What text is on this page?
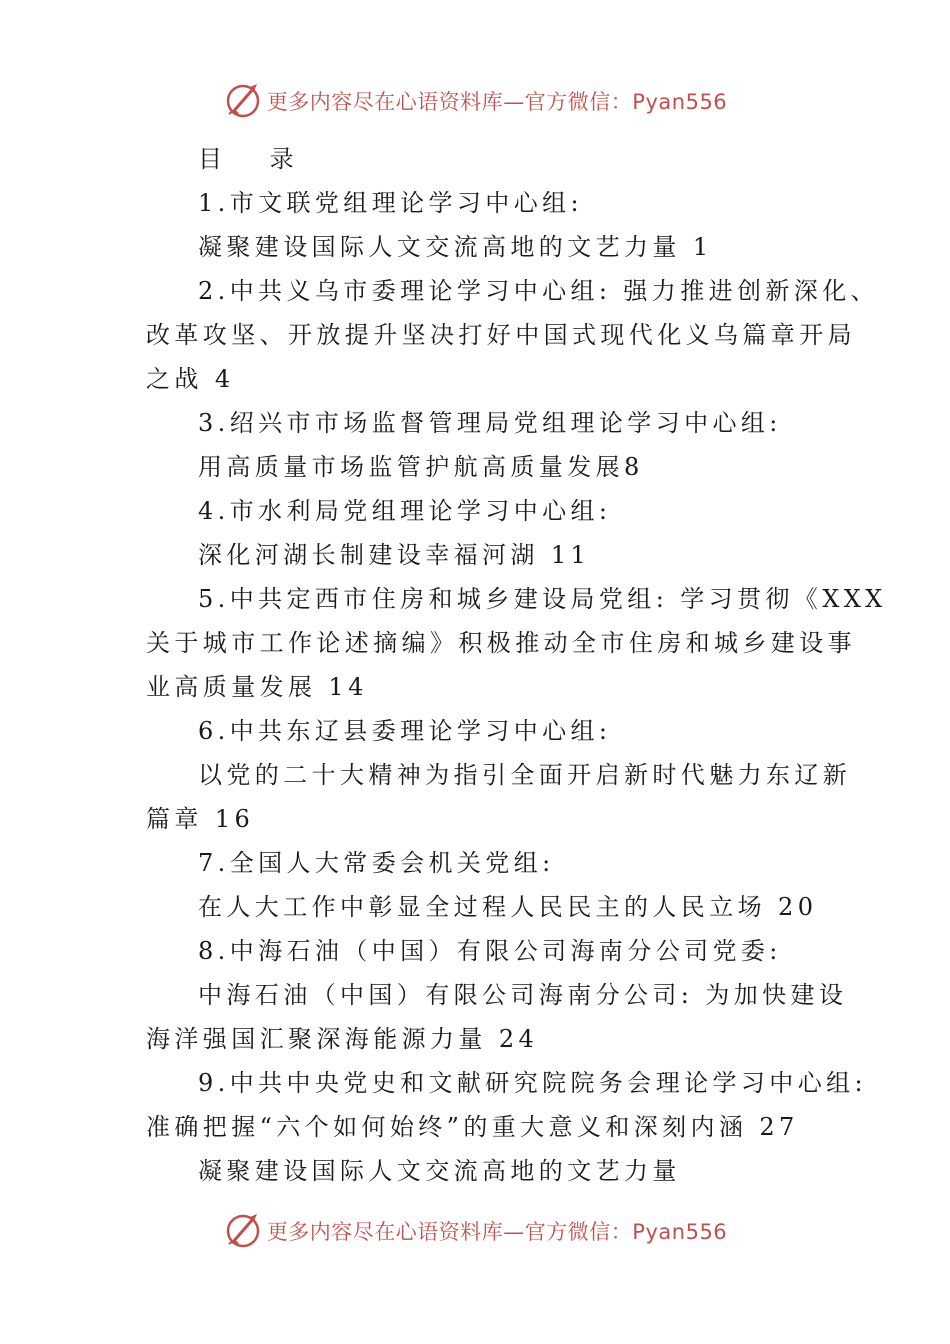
更多内容尽在心语资料库—官方微信：Pyan556
目 录
1.市文联党组理论学习中心组:
凝聚建设国际人文交流高地的文艺力量 1
2.中共义乌市委理论学习中心组: 强力推进创新深化、
改革攻坚、开放提升坚决打好中国式现代化义乌篇章开局
之战 4
3.绍兴市市场监督管理局党组理论学习中心组:
用高质量市场监管护航高质量发展8
4.市水利局党组理论学习中心组:
深化河湖长制建设幸福河湖 11
5.中共定西市住房和城乡建设局党组: 学习贯彻《XXX
关于城市工作论述摘编》积极推动全市住房和城乡建设事
业高质量发展 14
6.中共东辽县委理论学习中心组:
以党的二十大精神为指引全面开启新时代魅力东辽新
篇章 16
7.全国人大常委会机关党组:
在人大工作中彰显全过程人民民主的人民立场 20
8.中海石油（中国）有限公司海南分公司党委:
中海石油（中国）有限公司海南分公司: 为加快建设
海洋强国汇聚深海能源力量 24
9.中共中央党史和文献研究院院务会理论学习中心组:
准确把握“六个如何始终”的重大意义和深刻内涵 27
凝聚建设国际人文交流高地的文艺力量
更多内容尽在心语资料库—官方微信：Pyan556
